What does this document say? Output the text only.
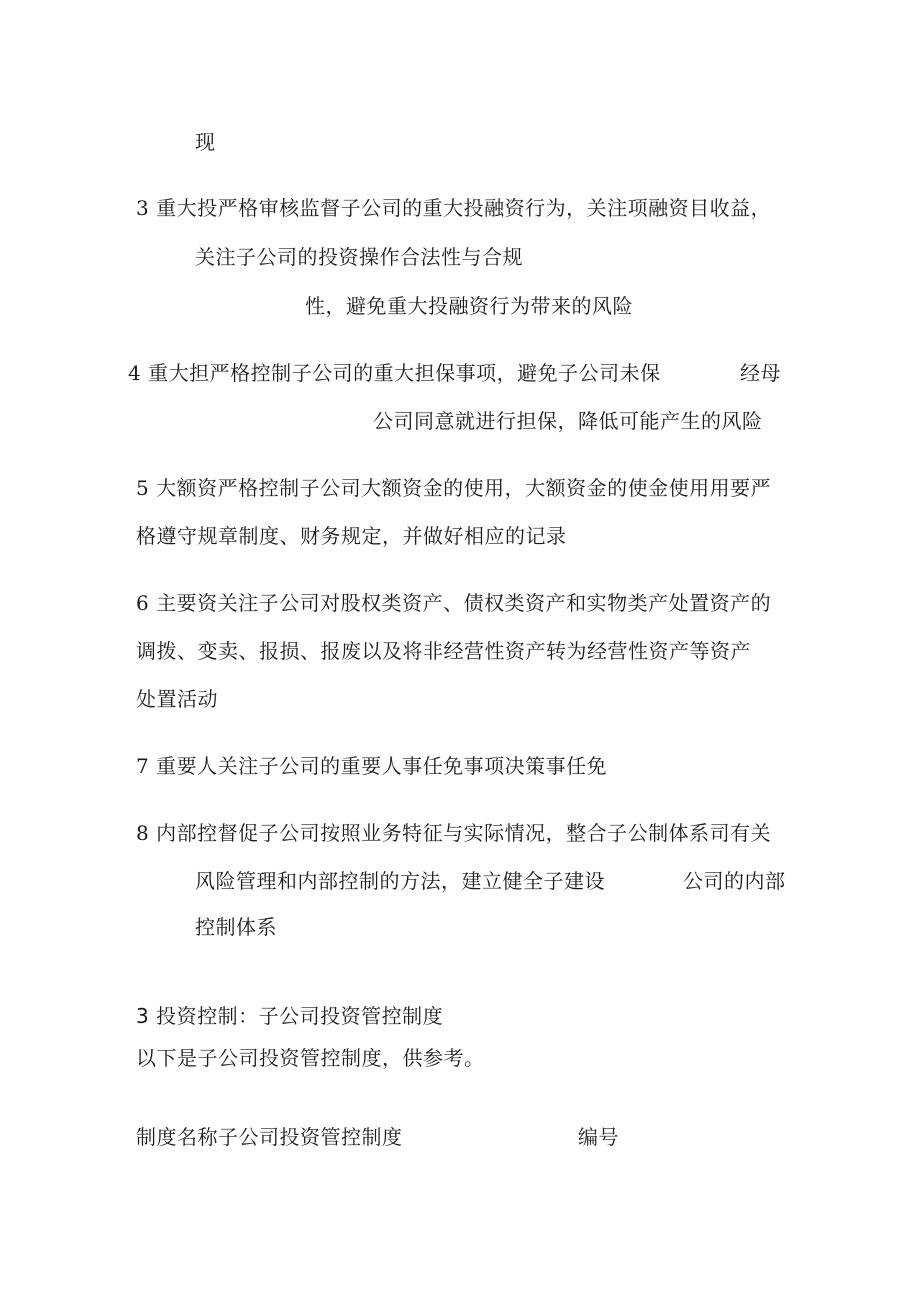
现
3 重大投严格审核监督子公司的重大投融资行为，关注项融资目收益，
关注子公司的投资操作合法性与合规
性，避免重大投融资行为带来的风险
4 重大担严格控制子公司的重大担保事项，避免子公司未保	经母
公司同意就进行担保，降低可能产生的风险
5 大额资严格控制子公司大额资金的使用，大额资金的使金使用用要严
格遵守规章制度、财务规定，并做好相应的记录
6 主要资关注子公司对股权类资产、债权类资产和实物类产处置资产的
调拨、变卖、报损、报废以及将非经营性资产转为经营性资产等资产
处置活动
7 重要人关注子公司的重要人事任免事项决策事任免
8 内部控督促子公司按照业务特征与实际情况，整合子公制体系司有关
风险管理和内部控制的方法，建立健全子建设	公司的内部
控制体系
3 投资控制：子公司投资管控制度
以下是子公司投资管控制度，供参考。
制度名称子公司投资管控制度	编号
